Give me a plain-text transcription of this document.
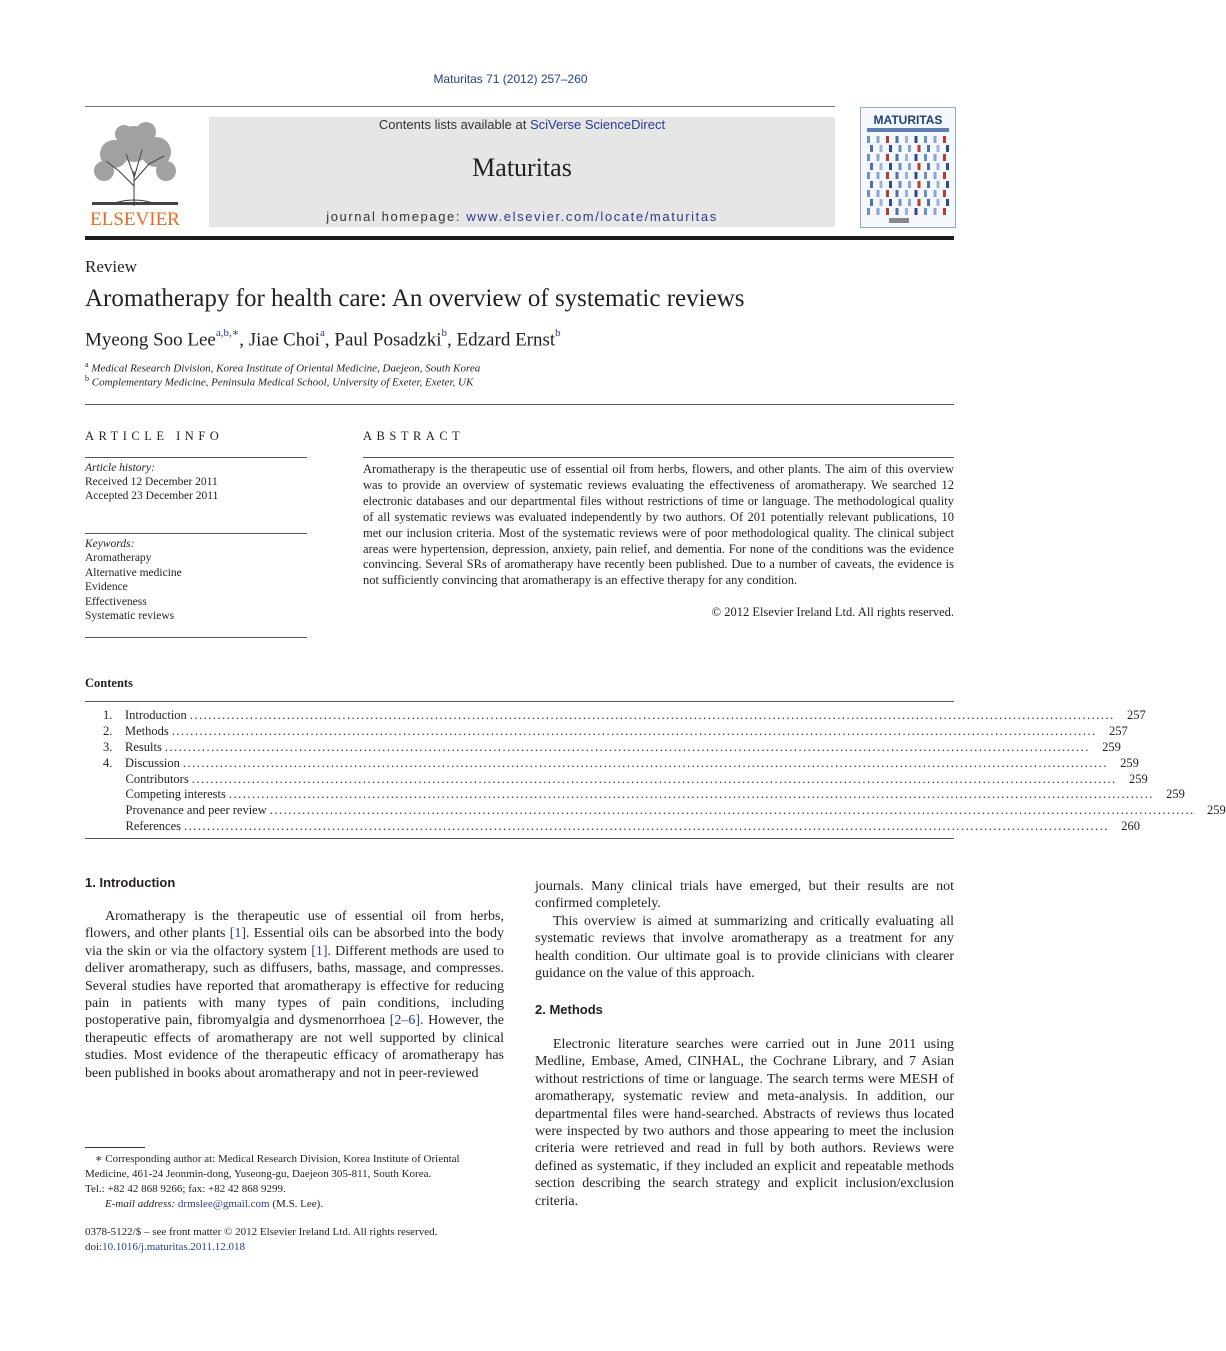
Maturitas 71 (2012) 257–260
ELSEVIER
Contents lists available at SciVerse ScienceDirect
Maturitas
journal homepage: www.elsevier.com/locate/maturitas
MATURITAS
Review
Aromatherapy for health care: An overview of systematic reviews
Myeong Soo Lee$^{a,b,∗}$, Jiae Choi$^a$, Paul Posadzki$^b$, Edzard Ernst$^b$
$^a$ Medical Research Division, Korea Institute of Oriental Medicine, Daejeon, South Korea
$^b$ Complementary Medicine, Peninsula Medical School, University of Exeter, Exeter, UK
ARTICLE INFO
Article history:
Received 12 December 2011
Accepted 23 December 2011
Keywords:
Aromatherapy
Alternative medicine
Evidence
Effectiveness
Systematic reviews
ABSTRACT
Aromatherapy is the therapeutic use of essential oil from herbs, flowers, and other plants. The aim of this overview was to provide an overview of systematic reviews evaluating the effectiveness of aromatherapy. We searched 12 electronic databases and our departmental files without restrictions of time or language. The methodological quality of all systematic reviews was evaluated independently by two authors. Of 201 potentially relevant publications, 10 met our inclusion criteria. Most of the systematic reviews were of poor methodological quality. The clinical subject areas were hypertension, depression, anxiety, pain relief, and dementia. For none of the conditions was the evidence convincing. Several SRs of aromatherapy have recently been published. Due to a number of caveats, the evidence is not sufficiently convincing that aromatherapy is an effective therapy for any condition.
© 2012 Elsevier Ireland Ltd. All rights reserved.
Contents
1.	Introduction ........................................................................................................................................................................................................ 257
2.	Methods ........................................................................................................................................................................................................ 257
3.	Results ........................................................................................................................................................................................................ 259
4.	Discussion ........................................................................................................................................................................................................ 259
Contributors ........................................................................................................................................................................................................ 259
Competing interests ........................................................................................................................................................................................................ 259
Provenance and peer review ........................................................................................................................................................................................................ 259
References ........................................................................................................................................................................................................ 260
1. Introduction
Aromatherapy is the therapeutic use of essential oil from herbs, flowers, and other plants [1]. Essential oils can be absorbed into the body via the skin or via the olfactory system [1]. Different methods are used to deliver aromatherapy, such as diffusers, baths, massage, and compresses. Several studies have reported that aromatherapy is effective for reducing pain in patients with many types of pain conditions, including postoperative pain, fibromyalgia and dysmenorrhoea [2–6]. However, the therapeutic effects of aromatherapy are not well supported by clinical studies. Most evidence of the therapeutic efficacy of aromatherapy has been published in books about aromatherapy and not in peer-reviewed
journals. Many clinical trials have emerged, but their results are not confirmed completely.
This overview is aimed at summarizing and critically evaluating all systematic reviews that involve aromatherapy as a treatment for any health condition. Our ultimate goal is to provide clinicians with clearer guidance on the value of this approach.
2. Methods
Electronic literature searches were carried out in June 2011 using Medline, Embase, Amed, CINHAL, the Cochrane Library, and 7 Asian without restrictions of time or language. The search terms were MESH of aromatherapy, systematic review and meta-analysis. In addition, our departmental files were hand-searched. Abstracts of reviews thus located were inspected by two authors and those appearing to meet the inclusion criteria were retrieved and read in full by both authors. Reviews were defined as systematic, if they included an explicit and repeatable methods section describing the search strategy and explicit inclusion/exclusion criteria.
∗ Corresponding author at: Medical Research Division, Korea Institute of Oriental Medicine, 461-24 Jeonmin-dong, Yuseong-gu, Daejeon 305-811, South Korea.
Tel.: +82 42 868 9266; fax: +82 42 868 9299.
E-mail address: drmslee@gmail.com (M.S. Lee).
0378-5122/$ – see front matter © 2012 Elsevier Ireland Ltd. All rights reserved.
doi:10.1016/j.maturitas.2011.12.018
